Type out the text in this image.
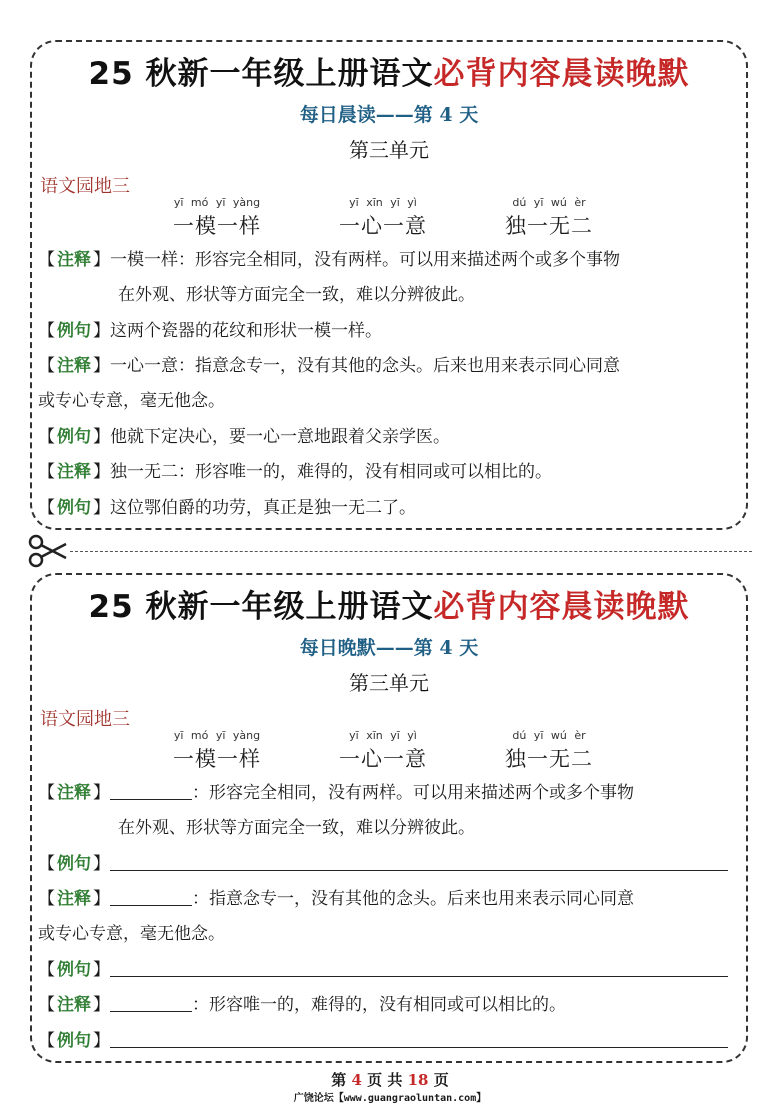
25 秋新一年级上册语文必背内容晨读晚默
每日晨读——第 4 天
第三单元
语文园地三
yī mó yī yàng
一模一样
yī xīn yī yì
一心一意
dú yī wú èr
独一无二
【 注释 】一模一样：形容完全相同，没有两样。可以用来描述两个或多个事物
在外观、形状等方面完全一致，难以分辨彼此。
【 例句 】这两个瓷器的花纹和形状一模一样。
【 注释 】一心一意：指意念专一，没有其他的念头。后来也用来表示同心同意
或专心专意，毫无他念。
【 例句 】他就下定决心，要一心一意地跟着父亲学医。
【 注释 】独一无二：形容唯一的，难得的，没有相同或可以相比的。
【 例句 】这位鄂伯爵的功劳，真正是独一无二了。
25 秋新一年级上册语文必背内容晨读晚默
每日晚默——第 4 天
第三单元
语文园地三
yī mó yī yàng
一模一样
yī xīn yī yì
一心一意
dú yī wú èr
独一无二
【 注释 】	：形容完全相同，没有两样。可以用来描述两个或多个事物
在外观、形状等方面完全一致，难以分辨彼此。
【 例句 】
【 注释 】	：指意念专一，没有其他的念头。后来也用来表示同心同意
或专心专意，毫无他念。
【 例句 】
【 注释 】	：形容唯一的，难得的，没有相同或可以相比的。
【 例句 】
第 4 页 共 18 页
广饶论坛【www.guangraoluntan.com】
